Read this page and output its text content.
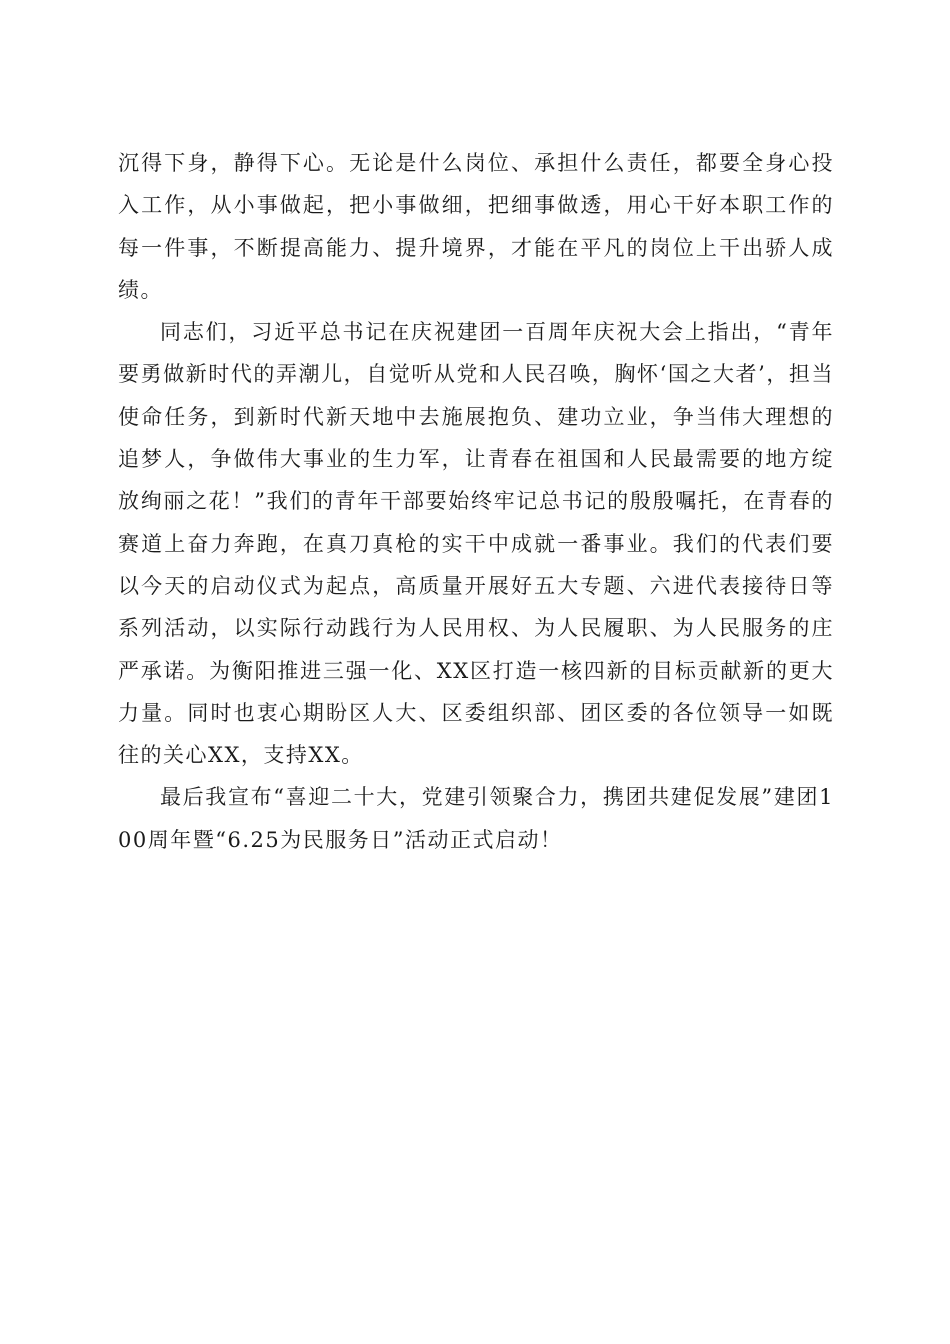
沉得下身，静得下心。无论是什么岗位、承担什么责任，都要全身心投入工作，从小事做起，把小事做细，把细事做透，用心干好本职工作的每一件事，不断提高能力、提升境界，才能在平凡的岗位上干出骄人成绩。

同志们，习近平总书记在庆祝建团一百周年庆祝大会上指出，“青年要勇做新时代的弄潮儿，自觉听从党和人民召唤，胸怀‘国之大者’，担当使命任务，到新时代新天地中去施展抱负、建功立业，争当伟大理想的追梦人，争做伟大事业的生力军，让青春在祖国和人民最需要的地方绽放绚丽之花！”我们的青年干部要始终牢记总书记的殷殷嘱托，在青春的赛道上奋力奔跑，在真刀真枪的实干中成就一番事业。我们的代表们要以今天的启动仪式为起点，高质量开展好五大专题、六进代表接待日等系列活动，以实际行动践行为人民用权、为人民履职、为人民服务的庄严承诺。为衡阳推进三强一化、XX区打造一核四新的目标贡献新的更大力量。同时也衷心期盼区人大、区委组织部、团区委的各位领导一如既往的关心XX，支持XX。

最后我宣布“喜迎二十大，党建引领聚合力，携团共建促发展”建团100周年暨“6.25为民服务日”活动正式启动！
